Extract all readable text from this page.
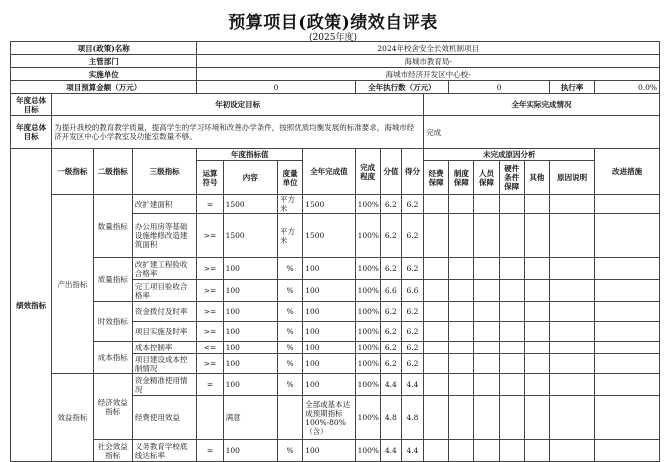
预算项目(政策)绩效自评表
(2025年度)
项目(政策)名称				2024年校舍安全长效机制项目													
主管部门				海城市教育局-													
实施单位				海城市经济开发区中心校-													
项目预算金额（万元）				0				全年执行数（万元）				0				执行率	0.0%
年度总体目标	年初设定目标										全年实际完成情况						
年度总体目标	为提升我校的教育教学质量，提高学生的学习环境和改善办学条件，按照优质均衡发展的标准要求，海城市经济开发区中心小学教室及功能室数量不够。										完成						
绩效指标	一级指标	二级指标	三级指标	年度指标值			全年完成值	完成程度	分值	得分	未完成原因分析						改进措施
				运算符号	内容	度量单位					经费保障	制度保障	人员保障	硬件条件保障	其他	原因说明	
	产出指标	数量指标	改扩建面积	=	1500	平方米	1500	100%	6.2	6.2							
			办公用房等基础设施维修改造建筑面积	>=	1500	平方米	1500	100%	6.2	6.2							
		质量指标	改扩建工程验收合格率	>=	100	%	100	100%	6.2	6.2							
			完工项目验收合格率	>=	100	%	100	100%	6.6	6.6							
		时效指标	资金拨付及时率	>=	100	%	100	100%	6.2	6.2							
			项目实施及时率	>=	100	%	100	100%	6.2	6.2							
		成本指标	成本控制率	<=	100	%	100	100%	6.2	6.2							
			项目建设成本控制情况	>=	100	%	100	100%	6.2	6.2							
	效益指标	经济效益指标	资金精准使用情况	=	100	%	100	100%	4.4	4.4							
			经费使用效益		满意		全部或基本达成预期指标100%-80%（含）	100%	4.8	4.8							
		社会效益指标	义务教育学校底线达标率	=	100	%	100	100%	4.4	4.4							
